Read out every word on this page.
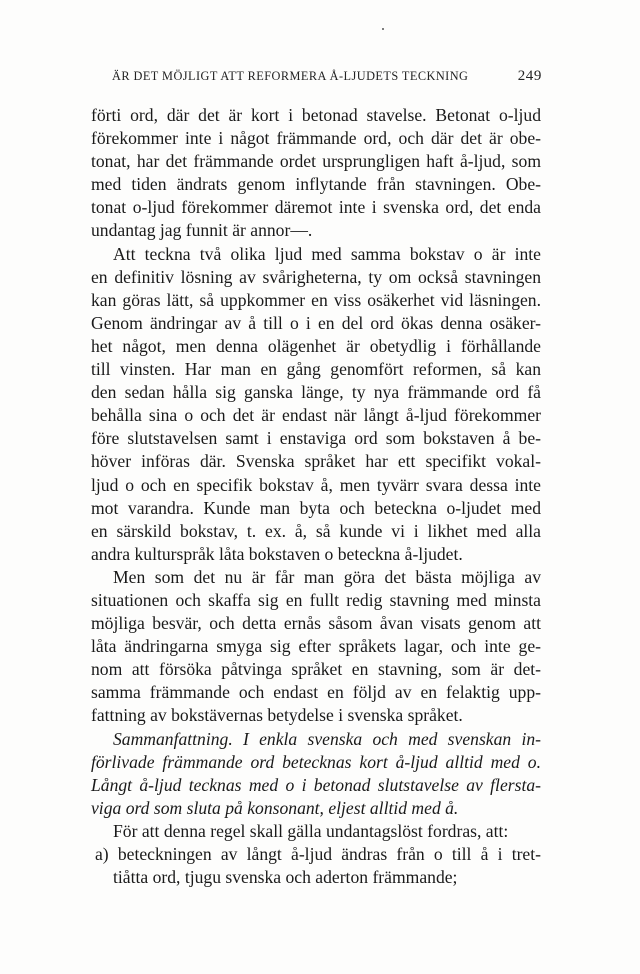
ÄR DET MÖJLIGT ATT REFORMERA Å-LJUDETS TECKNING	249
förti ord, där det är kort i betonad stavelse. Betonat o-ljud
förekommer inte i något främmande ord, och där det är obe-
tonat, har det främmande ordet ursprungligen haft å-ljud, som
med tiden ändrats genom inflytande från stavningen. Obe-
tonat o-ljud förekommer däremot inte i svenska ord, det enda
undantag jag funnit är annor—.
Att teckna två olika ljud med samma bokstav o är inte
en definitiv lösning av svårigheterna, ty om också stavningen
kan göras lätt, så uppkommer en viss osäkerhet vid läsningen.
Genom ändringar av å till o i en del ord ökas denna osäker-
het något, men denna olägenhet är obetydlig i förhållande
till vinsten. Har man en gång genomfört reformen, så kan
den sedan hålla sig ganska länge, ty nya främmande ord få
behålla sina o och det är endast när långt å-ljud förekommer
före slutstavelsen samt i enstaviga ord som bokstaven å be-
höver införas där. Svenska språket har ett specifikt vokal-
ljud o och en specifik bokstav å, men tyvärr svara dessa inte
mot varandra. Kunde man byta och beteckna o-ljudet med
en särskild bokstav, t. ex. å, så kunde vi i likhet med alla
andra kulturspråk låta bokstaven o beteckna å-ljudet.
Men som det nu är får man göra det bästa möjliga av
situationen och skaffa sig en fullt redig stavning med minsta
möjliga besvär, och detta ernås såsom åvan visats genom att
låta ändringarna smyga sig efter språkets lagar, och inte ge-
nom att försöka påtvinga språket en stavning, som är det-
samma främmande och endast en följd av en felaktig upp-
fattning av bokstävernas betydelse i svenska språket.
Sammanfattning. I enkla svenska och med svenskan in-
förlivade främmande ord betecknas kort å-ljud alltid med o.
Långt å-ljud tecknas med o i betonad slutstavelse av flersta-
viga ord som sluta på konsonant, eljest alltid med å.
För att denna regel skall gälla undantagslöst fordras, att:
a) beteckningen av långt å-ljud ändras från o till å i tret-
tiåtta ord, tjugu svenska och aderton främmande;
